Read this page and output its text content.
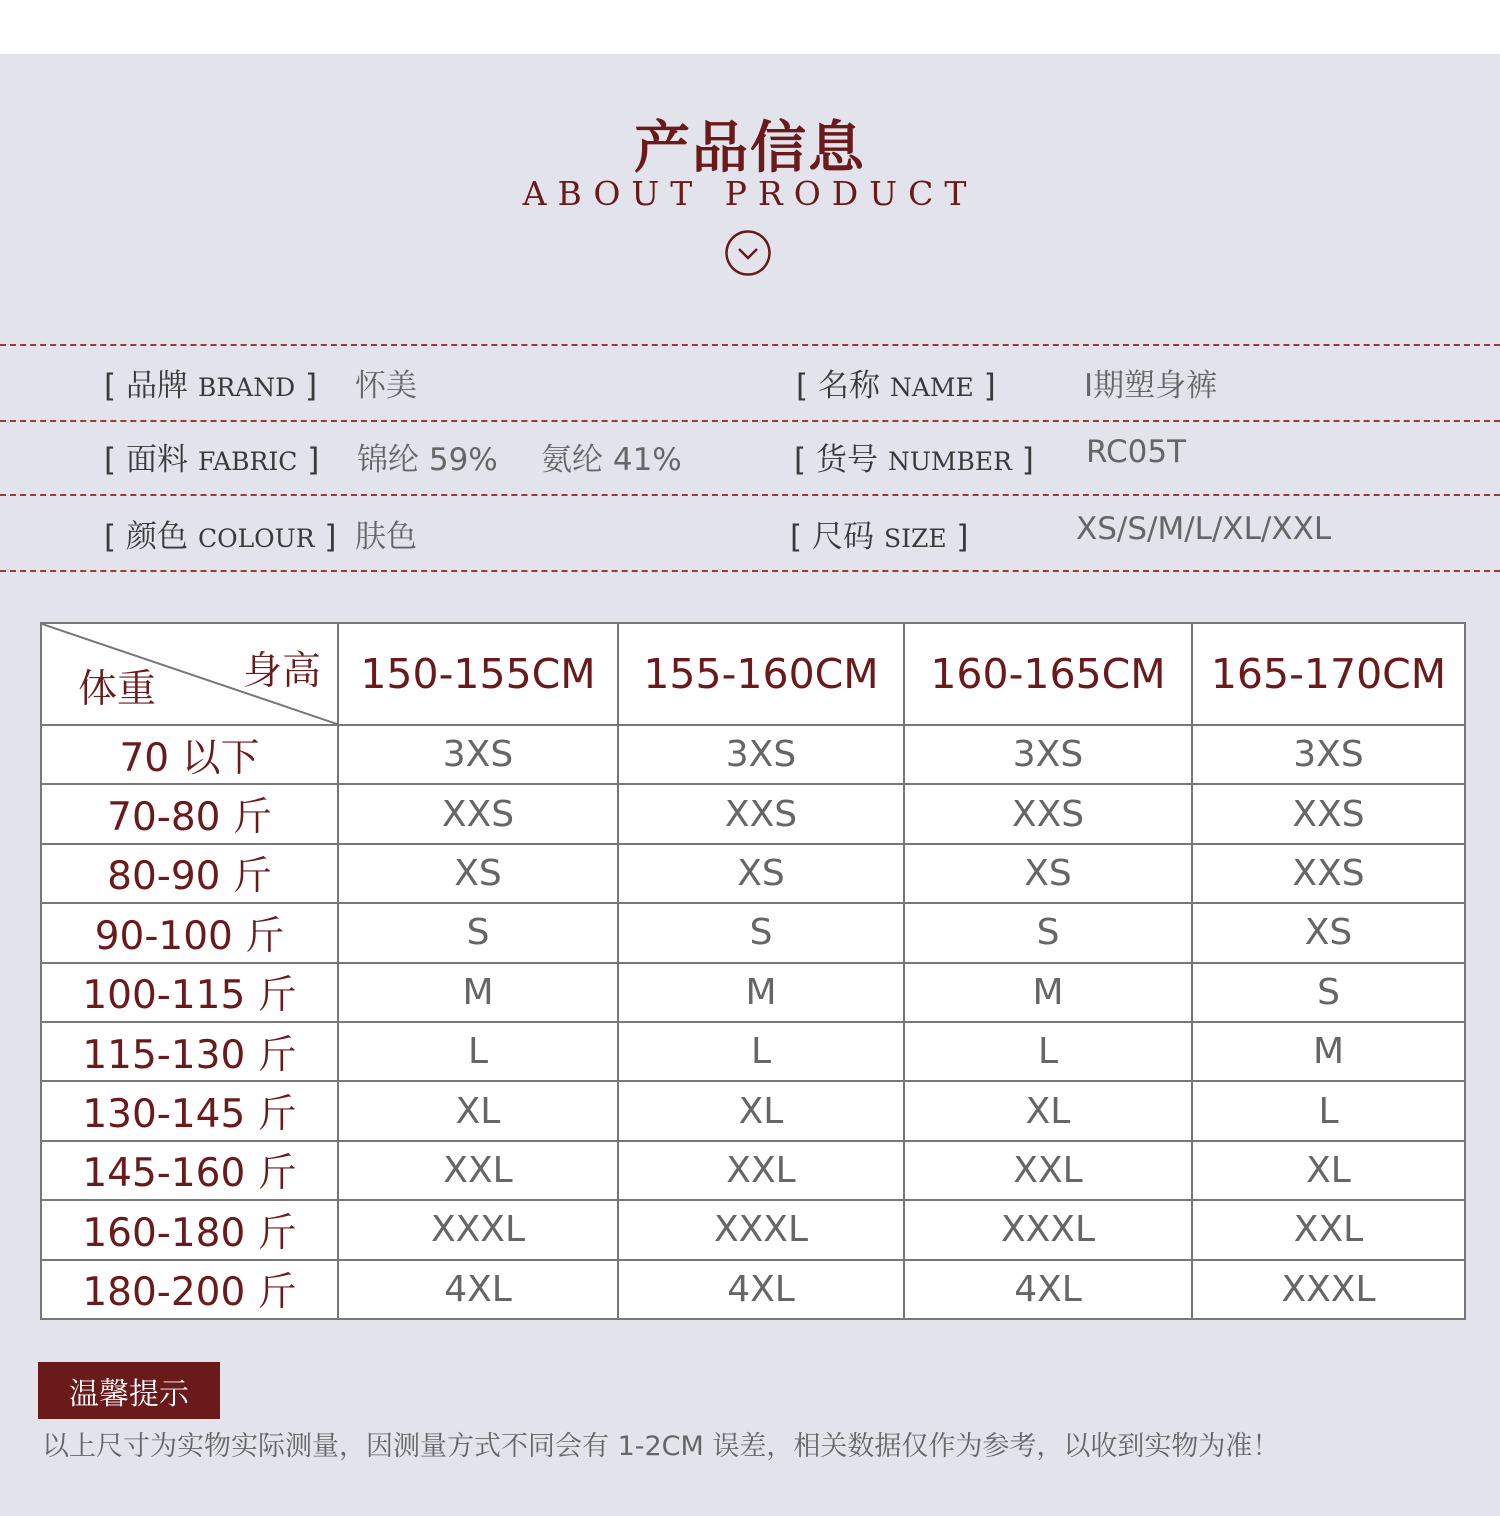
产品信息
ABOUT PRODUCT
[ 品牌 BRAND ] 怀美	[ 名称 NAME ]	Ⅰ期塑身裤
[ 面料 FABRIC ] 锦纶 59% 氨纶 41%	[ 货号 NUMBER ] RC05T
[ 颜色 COLOUR ] 肤色	[ 尺码 SIZE ]	XS/S/M/L/XL/XXL
身高
体重	150-155CM	155-160CM	160-165CM	165-170CM
70 以下	3XS	3XS	3XS	3XS
70-80 斤	XXS	XXS	XXS	XXS
80-90 斤	XS	XS	XS	XXS
90-100 斤	S	S	S	XS
100-115 斤	M	M	M	S
115-130 斤	L	L	L	M
130-145 斤	XL	XL	XL	L
145-160 斤	XXL	XXL	XXL	XL
160-180 斤	XXXL	XXXL	XXXL	XXL
180-200 斤	4XL	4XL	4XL	XXXL
温馨提示
以上尺寸为实物实际测量，因测量方式不同会有 1-2CM 误差，相关数据仅作为参考，以收到实物为准！
